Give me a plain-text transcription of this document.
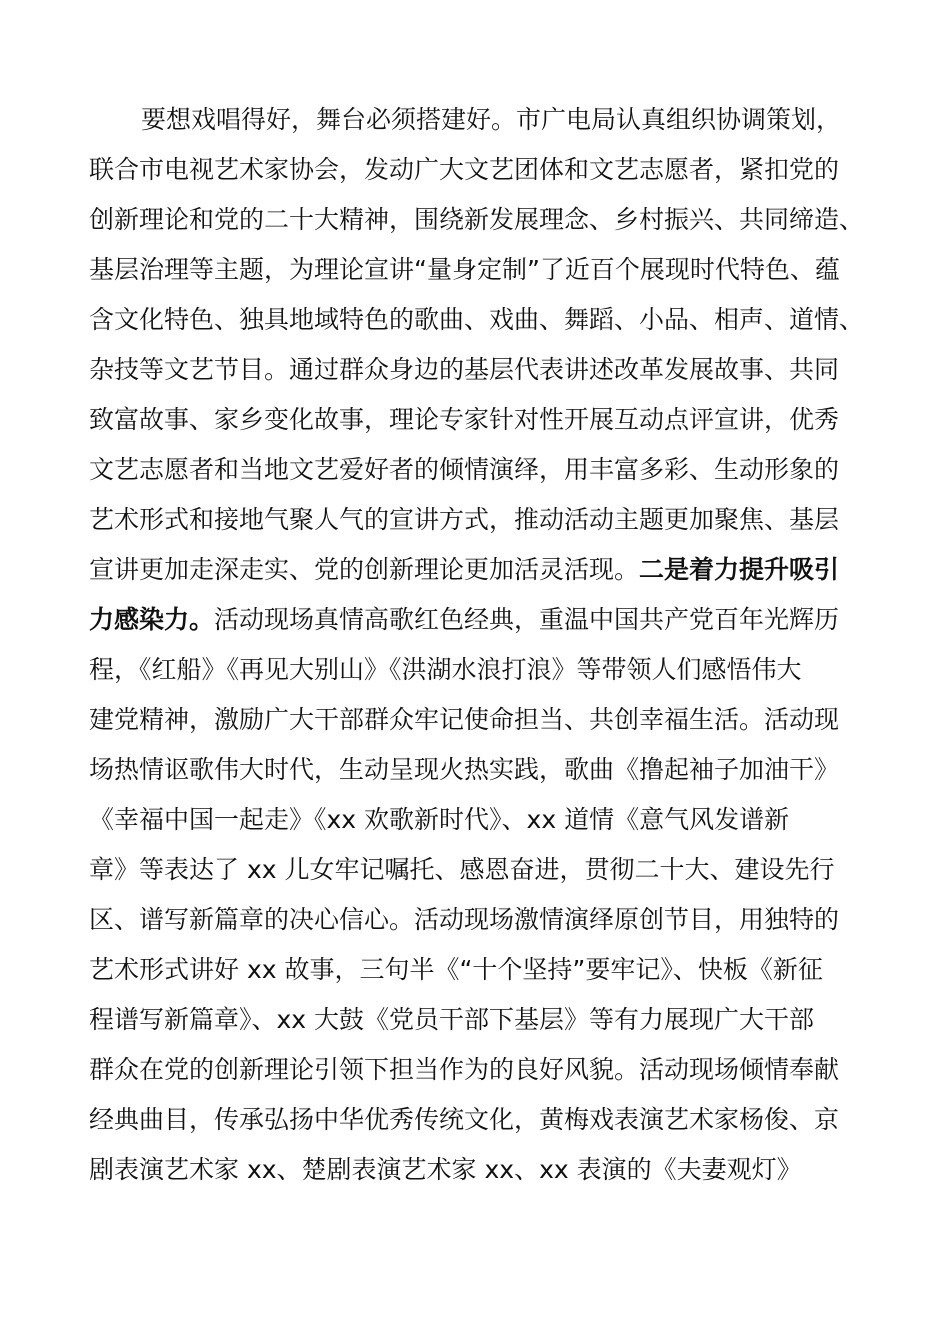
要想戏唱得好，舞台必须搭建好。市广电局认真组织协调策划，
联合市电视艺术家协会，发动广大文艺团体和文艺志愿者，紧扣党的
创新理论和党的二十大精神，围绕新发展理念、乡村振兴、共同缔造、
基层治理等主题，为理论宣讲“量身定制”了近百个展现时代特色、蕴
含文化特色、独具地域特色的歌曲、戏曲、舞蹈、小品、相声、道情、
杂技等文艺节目。通过群众身边的基层代表讲述改革发展故事、共同
致富故事、家乡变化故事，理论专家针对性开展互动点评宣讲，优秀
文艺志愿者和当地文艺爱好者的倾情演绎，用丰富多彩、生动形象的
艺术形式和接地气聚人气的宣讲方式，推动活动主题更加聚焦、基层
宣讲更加走深走实、党的创新理论更加活灵活现。二是着力提升吸引
力感染力。活动现场真情高歌红色经典，重温中国共产党百年光辉历
程，《红船》《再见大别山》《洪湖水浪打浪》等带领人们感悟伟大
建党精神，激励广大干部群众牢记使命担当、共创幸福生活。活动现
场热情讴歌伟大时代，生动呈现火热实践，歌曲《撸起袖子加油干》
《幸福中国一起走》《xx 欢歌新时代》、xx 道情《意气风发谱新
章》等表达了 xx 儿女牢记嘱托、感恩奋进，贯彻二十大、建设先行
区、谱写新篇章的决心信心。活动现场激情演绎原创节目，用独特的
艺术形式讲好 xx 故事，三句半《“十个坚持”要牢记》、快板《新征
程谱写新篇章》、xx 大鼓《党员干部下基层》等有力展现广大干部
群众在党的创新理论引领下担当作为的良好风貌。活动现场倾情奉献
经典曲目，传承弘扬中华优秀传统文化，黄梅戏表演艺术家杨俊、京
剧表演艺术家 xx、楚剧表演艺术家 xx、xx 表演的《夫妻观灯》
